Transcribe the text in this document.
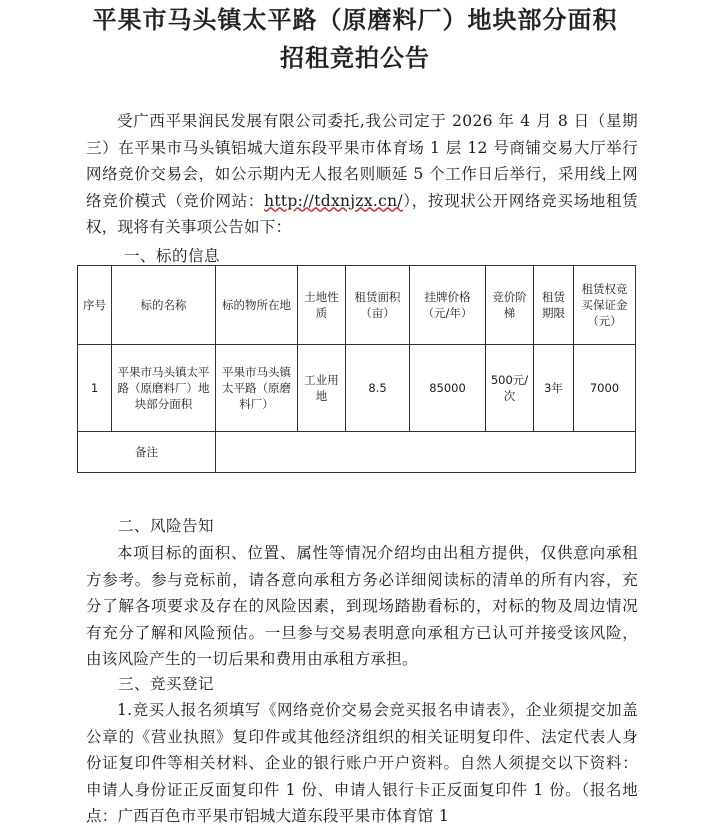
平果市马头镇太平路（原磨料厂）地块部分面积
招租竞拍公告
受广西平果润民发展有限公司委托,我公司定于 2026 年 4 月 8 日（星期三）在平果市马头镇铝城大道东段平果市体育场 1 层 12 号商铺交易大厅举行网络竞价交易会，如公示期内无人报名则顺延 5 个工作日后举行，采用线上网络竞价模式（竞价网站：http://tdxnjzx.cn/），按现状公开网络竞买场地租赁权，现将有关事项公告如下：
一、标的信息
序号	标的名称	标的物所在地	土地性质	租赁面积（亩）	挂牌价格（元/年）	竞价阶梯	租赁期限	租赁权竞买保证金（元）
1	平果市马头镇太平路（原磨料厂）地块部分面积	平果市马头镇太平路（原磨料厂）	工业用地	8.5	85000	500元/次	3年	7000
备注								
二、风险告知
本项目标的面积、位置、属性等情况介绍均由出租方提供，仅供意向承租方参考。参与竞标前，请各意向承租方务必详细阅读标的清单的所有内容，充分了解各项要求及存在的风险因素，到现场踏勘看标的，对标的物及周边情况有充分了解和风险预估。一旦参与交易表明意向承租方已认可并接受该风险，由该风险产生的一切后果和费用由承租方承担。
三、竞买登记
1.竞买人报名须填写《网络竞价交易会竞买报名申请表》，企业须提交加盖公章的《营业执照》复印件或其他经济组织的相关证明复印件、法定代表人身份证复印件等相关材料、企业的银行账户开户资料。自然人须提交以下资料：申请人身份证正反面复印件 1 份、申请人银行卡正反面复印件 1 份。（报名地点：广西百色市平果市铝城大道东段平果市体育馆 1
